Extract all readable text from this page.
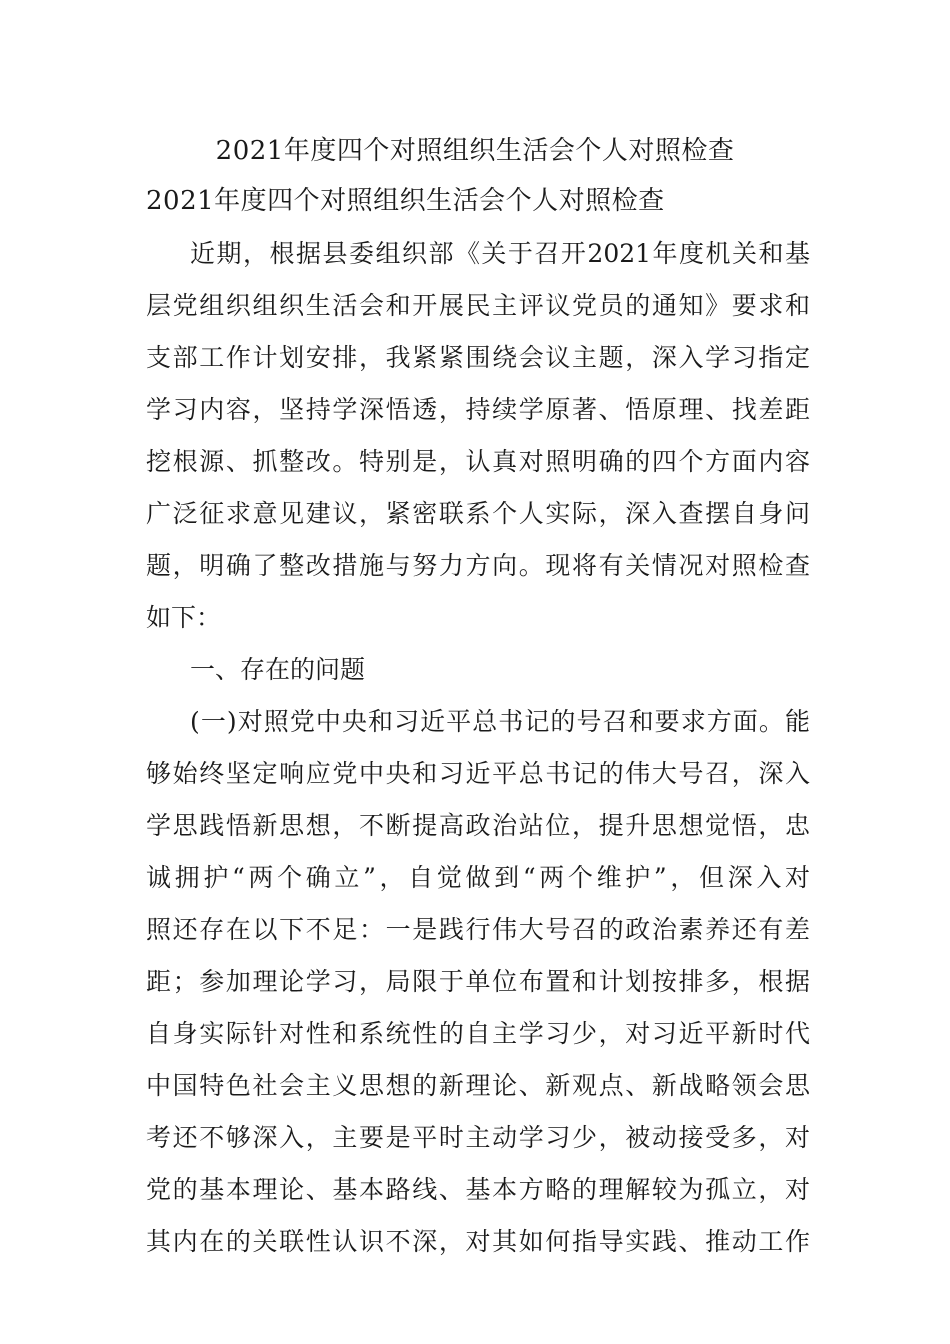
2021年度四个对照组织生活会个人对照检查
2021年度四个对照组织生活会个人对照检查
近期，根据县委组织部《关于召开2021年度机关和基
层党组织组织生活会和开展民主评议党员的通知》要求和
支部工作计划安排，我紧紧围绕会议主题，深入学习指定
学习内容，坚持学深悟透，持续学原著、悟原理、找差距
挖根源、抓整改。特别是，认真对照明确的四个方面内容
广泛征求意见建议，紧密联系个人实际，深入查摆自身问
题，明确了整改措施与努力方向。现将有关情况对照检查
如下：
一、存在的问题
(一)对照党中央和习近平总书记的号召和要求方面。能
够始终坚定响应党中央和习近平总书记的伟大号召，深入
学思践悟新思想，不断提高政治站位，提升思想觉悟，忠
诚拥护“两个确立”，自觉做到“两个维护”，但深入对
照还存在以下不足：一是践行伟大号召的政治素养还有差
距；参加理论学习，局限于单位布置和计划按排多，根据
自身实际针对性和系统性的自主学习少，对习近平新时代
中国特色社会主义思想的新理论、新观点、新战略领会思
考还不够深入，主要是平时主动学习少，被动接受多，对
党的基本理论、基本路线、基本方略的理解较为孤立，对
其内在的关联性认识不深，对其如何指导实践、推动工作
